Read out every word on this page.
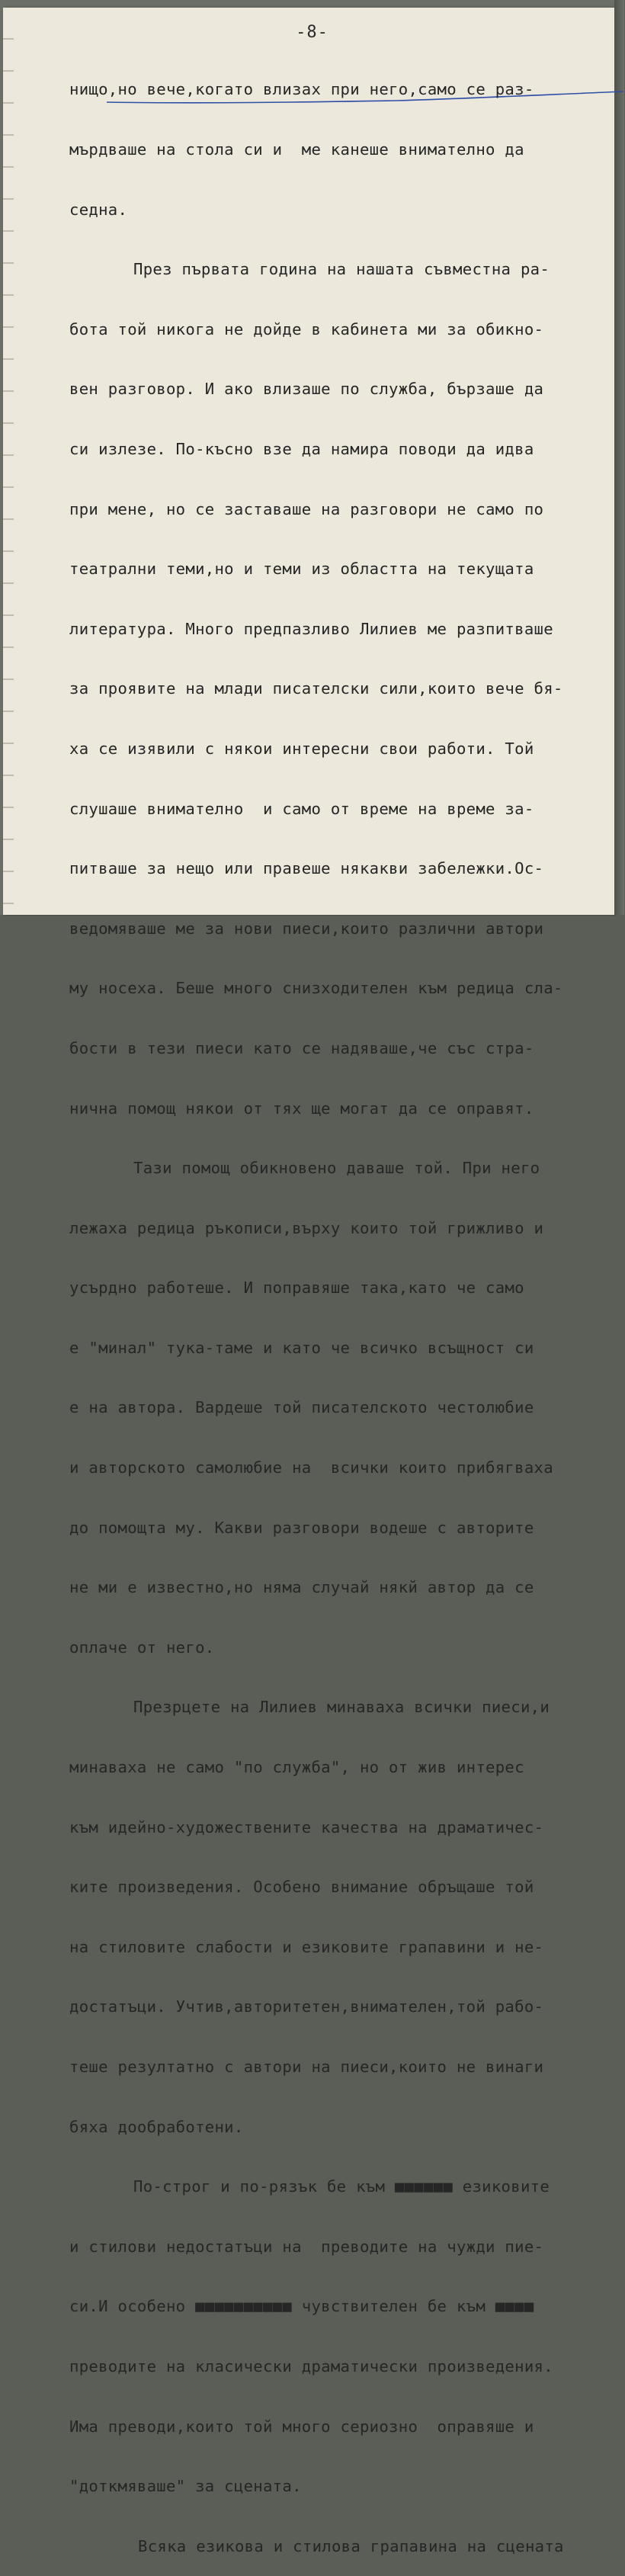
-8-

нищо,но вече,когато влизах при него,само се раз-

мърдваше на стола си и  ме канеше внимателно да

седна.

През първата година на нашата съвместна ра-

бота той никога не дойде в кабинета ми за обикно-

вен разговор. И ако влизаше по служба, бързаше да

си излезе. По-късно взе да намира поводи да идва

при мене, но се заставаше на разговори не само по

театрални теми,но и теми из областта на текущата

литература. Много предпазливо Лилиев ме разпитваше

за проявите на млади писателски сили,които вече бя-

ха се изявили с някои интересни свои работи. Той

слушаше внимателно  и само от време на време за-

питваше за нещо или правеше някакви забележки.Ос-

ведомяваше ме за нови пиеси,които различни автори

му носеха. Беше много снизходителен към редица сла-

бости в тези пиеси като се надяваше,че със стра-

нична помощ някои от тях ще могат да се оправят.

Тази помощ обикновено даваше той. При него

лежаха редица ръкописи,върху които той грижливо и

усърдно работеше. И поправяше така,като че само

е "минал" тука-таме и като че всичко всъщност си

е на автора. Вардеше той писателското честолюбие

и авторското самолюбие на  всички които прибягваха

до помощта му. Какви разговори водеше с авторите

не ми е известно,но няма случай някй автор да се

оплаче от него.

Презрцете на Лилиев минаваха всички пиеси,и

минаваха не само "по служба", но от жив интерес

към идейно-художествените качества на драматичес-

ките произведения. Особено внимание обръщаше той

на стиловите слабости и езиковите грапавини и не-

достатъци. Учтив,авторитетен,внимателен,той рабо-

теше резултатно с автори на пиеси,които не винаги

бяха дообработени.

По-строг и по-рязък бе към ■■■■■■ езиковите

и стилови недостатъци на  преводите на чужди пие-

си.И особено ■■■■■■■■■■ чувствителен бе към ■■■■

преводите на класически драматически произведения.

Има преводи,които той много сериозно  оправяше и

"доткмяваше" за сцената.

Всяка езикова и стилова грапавина на сцената
